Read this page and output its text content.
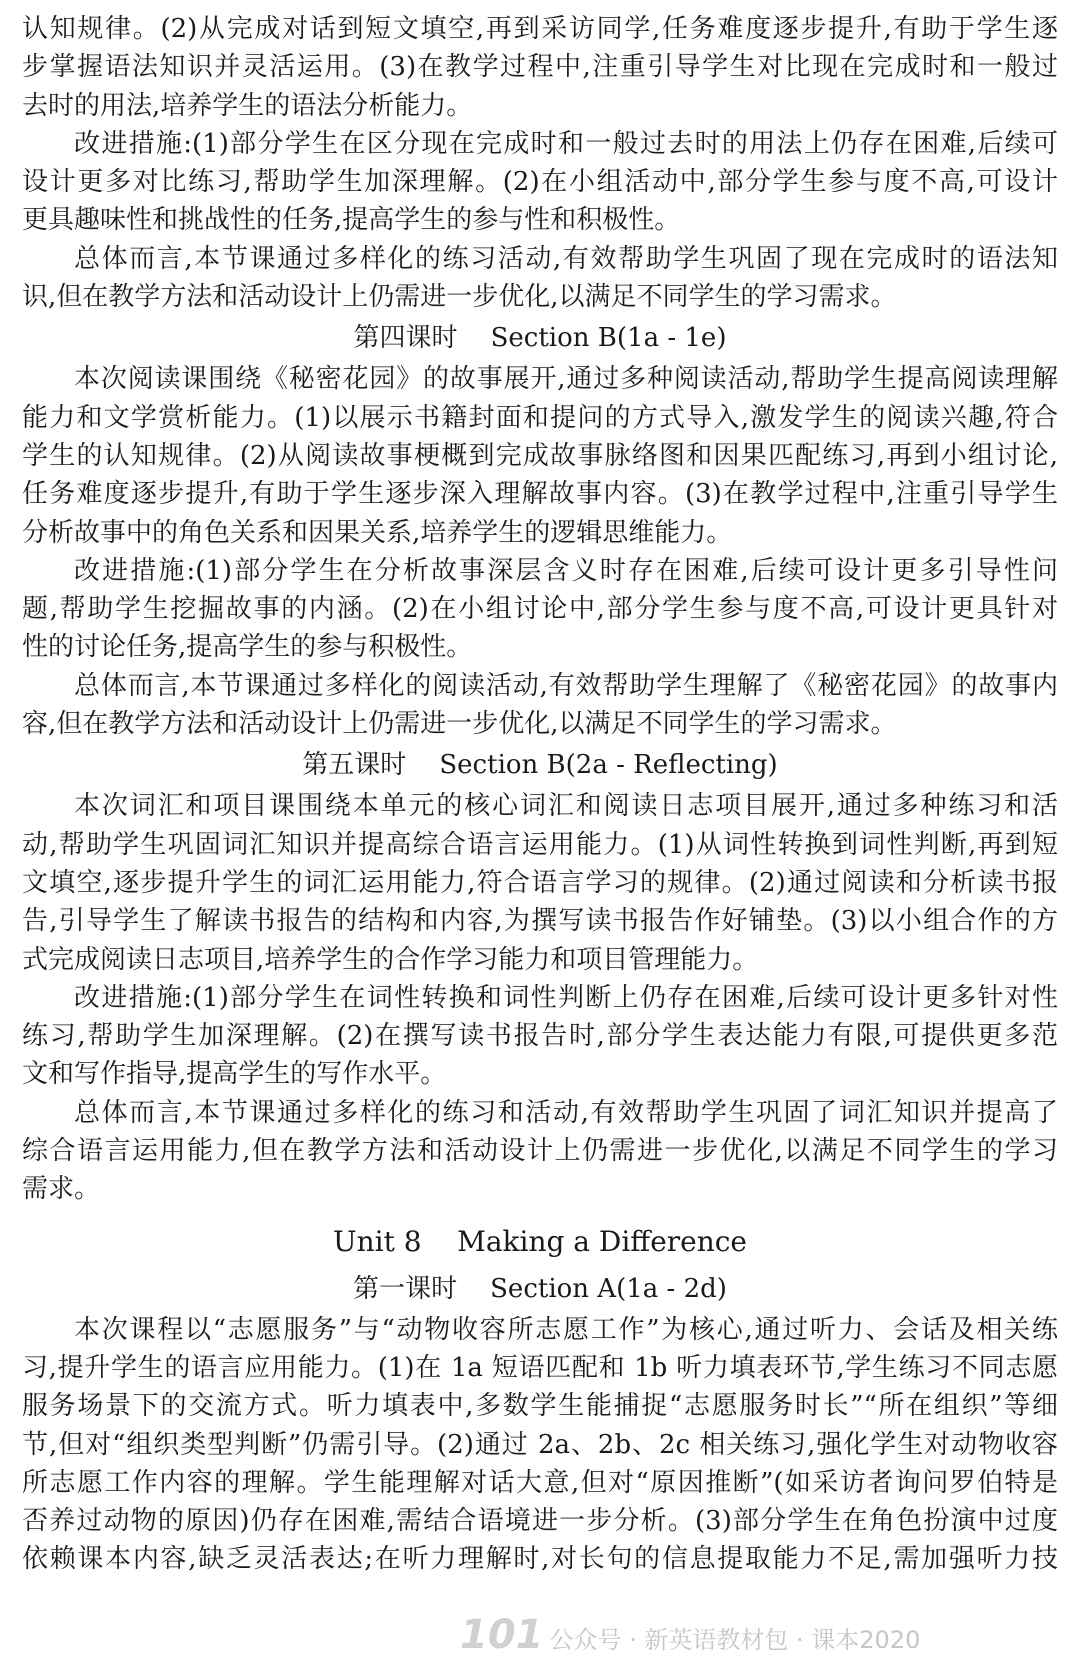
认知规律。(2)从完成对话到短文填空,再到采访同学,任务难度逐步提升,有助于学生逐
步掌握语法知识并灵活运用。(3)在教学过程中,注重引导学生对比现在完成时和一般过
去时的用法,培养学生的语法分析能力。
改进措施:(1)部分学生在区分现在完成时和一般过去时的用法上仍存在困难,后续可
设计更多对比练习,帮助学生加深理解。(2)在小组活动中,部分学生参与度不高,可设计
更具趣味性和挑战性的任务,提高学生的参与性和积极性。
总体而言,本节课通过多样化的练习活动,有效帮助学生巩固了现在完成时的语法知
识,但在教学方法和活动设计上仍需进一步优化,以满足不同学生的学习需求。
第四课时    Section B(1a - 1e)
本次阅读课围绕《秘密花园》的故事展开,通过多种阅读活动,帮助学生提高阅读理解
能力和文学赏析能力。(1)以展示书籍封面和提问的方式导入,激发学生的阅读兴趣,符合
学生的认知规律。(2)从阅读故事梗概到完成故事脉络图和因果匹配练习,再到小组讨论,
任务难度逐步提升,有助于学生逐步深入理解故事内容。(3)在教学过程中,注重引导学生
分析故事中的角色关系和因果关系,培养学生的逻辑思维能力。
改进措施:(1)部分学生在分析故事深层含义时存在困难,后续可设计更多引导性问
题,帮助学生挖掘故事的内涵。(2)在小组讨论中,部分学生参与度不高,可设计更具针对
性的讨论任务,提高学生的参与积极性。
总体而言,本节课通过多样化的阅读活动,有效帮助学生理解了《秘密花园》的故事内
容,但在教学方法和活动设计上仍需进一步优化,以满足不同学生的学习需求。
第五课时    Section B(2a - Reflecting)
本次词汇和项目课围绕本单元的核心词汇和阅读日志项目展开,通过多种练习和活
动,帮助学生巩固词汇知识并提高综合语言运用能力。(1)从词性转换到词性判断,再到短
文填空,逐步提升学生的词汇运用能力,符合语言学习的规律。(2)通过阅读和分析读书报
告,引导学生了解读书报告的结构和内容,为撰写读书报告作好铺垫。(3)以小组合作的方
式完成阅读日志项目,培养学生的合作学习能力和项目管理能力。
改进措施:(1)部分学生在词性转换和词性判断上仍存在困难,后续可设计更多针对性
练习,帮助学生加深理解。(2)在撰写读书报告时,部分学生表达能力有限,可提供更多范
文和写作指导,提高学生的写作水平。
总体而言,本节课通过多样化的练习和活动,有效帮助学生巩固了词汇知识并提高了
综合语言运用能力,但在教学方法和活动设计上仍需进一步优化,以满足不同学生的学习
需求。
Unit 8    Making a Difference
第一课时    Section A(1a - 2d)
本次课程以“志愿服务”与“动物收容所志愿工作”为核心,通过听力、会话及相关练
习,提升学生的语言应用能力。(1)在 1a 短语匹配和 1b 听力填表环节,学生练习不同志愿
服务场景下的交流方式。听力填表中,多数学生能捕捉“志愿服务时长”“所在组织”等细
节,但对“组织类型判断”仍需引导。(2)通过 2a、2b、2c 相关练习,强化学生对动物收容
所志愿工作内容的理解。学生能理解对话大意,但对“原因推断”(如采访者询问罗伯特是
否养过动物的原因)仍存在困难,需结合语境进一步分析。(3)部分学生在角色扮演中过度
依赖课本内容,缺乏灵活表达;在听力理解时,对长句的信息提取能力不足,需加强听力技
101 公众号 · 新英语教材包 · 课本2020
